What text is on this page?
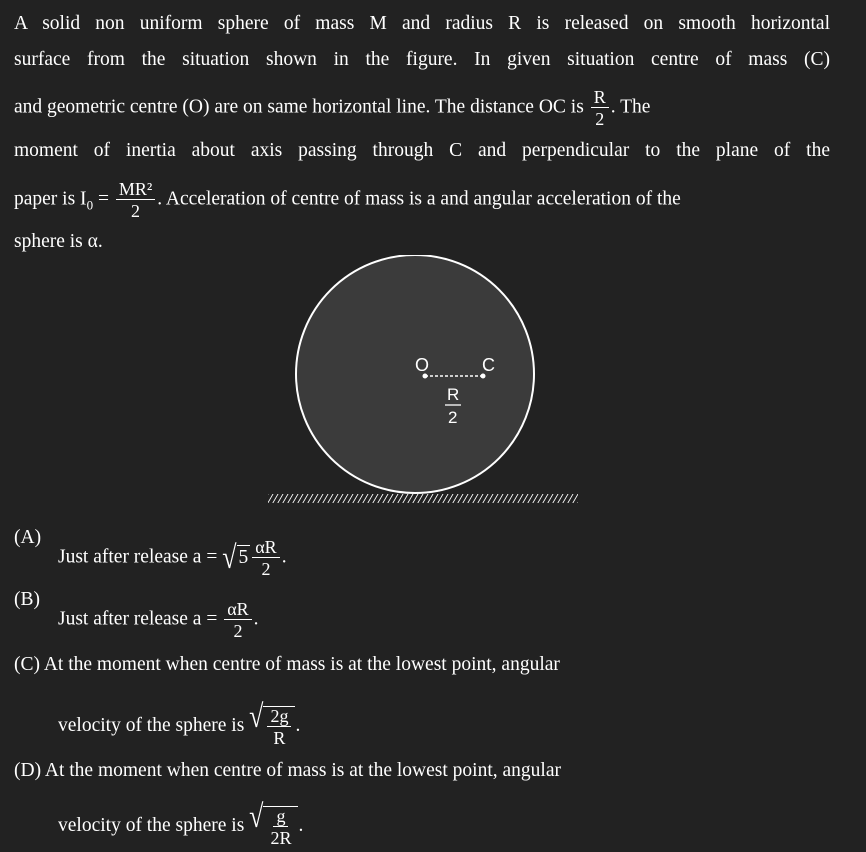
A solid non uniform sphere of mass M and radius R is released on smooth horizontal
surface from the situation shown in the figure. In given situation centre of mass (C)
and geometric centre (O) are on same horizontal line. The distance OC is $\frac{R}{2}$ . The
moment of inertia about axis passing through C and perpendicular to the plane of the
paper is $I_0 = \frac{\text{MR²}}{2}$ . Acceleration of centre of mass is a and angular acceleration of the
sphere is α.
O	C
R
2
(A)
Just after release a = √ $5 \frac{\alpha R}{2}$ .
(B)
Just after release $a = \frac{\alpha R}{2}$ .
(C) At the moment when centre of mass is at the lowest point, angular
velocity of the sphere is √ $\frac{2g}{R}$ .
(D) At the moment when centre of mass is at the lowest point, angular
velocity of the sphere is √ $\frac{g}{2R}$ .
